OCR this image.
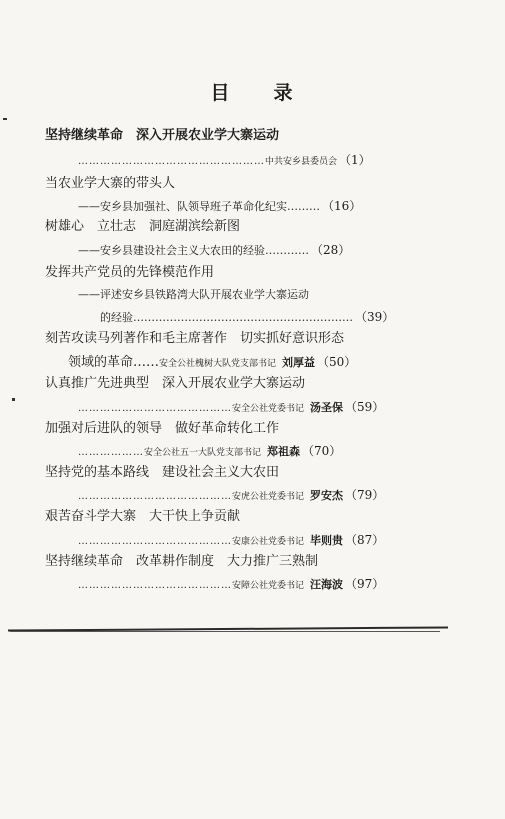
目 录
坚持继续革命　深入开展农业学大寨运动
……………………………………………中共安乡县委员会 （1）
当农业学大寨的带头人
——安乡县加强社、队领导班子革命化纪实……… （16）
树雄心　立壮志　洞庭湖滨绘新图
——安乡县建设社会主义大农田的经验………… （28）
发挥共产党员的先锋模范作用
——评述安乡县铁路湾大队开展农业学大寨运动
的经验…………………………………………………… （39）
刻苦攻读马列著作和毛主席著作　切实抓好意识形态
领域的革命……安全公社槐树大队党支部书记 刘厚益 （50）
认真推广先进典型　深入开展农业学大寨运动
……………………………………安全公社党委书记 汤圣保 （59）
加强对后进队的领导　做好革命转化工作
………………安全公社五一大队党支部书记 郑祖森 （70）
坚持党的基本路线　建设社会主义大农田
……………………………………安虎公社党委书记 罗安杰 （79）
艰苦奋斗学大寨　大干快上争贡献
……………………………………安康公社党委书记 毕则贵 （87）
坚持继续革命　改革耕作制度　大力推广三熟制
……………………………………安障公社党委书记 汪海波 （97）
